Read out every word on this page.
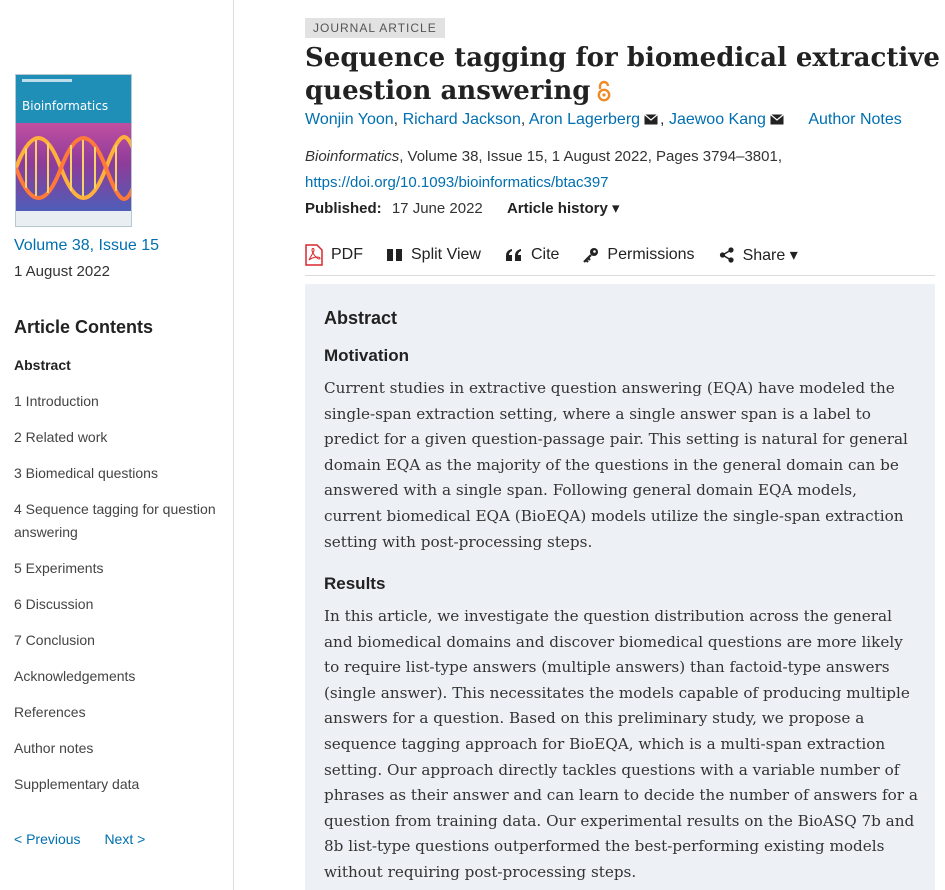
Bioinformatics
Volume 38, Issue 15
1 August 2022
Article Contents
Abstract
1 Introduction
2 Related work
3 Biomedical questions
4 Sequence tagging for question answering
5 Experiments
6 Discussion
7 Conclusion
Acknowledgements
References
Author notes
Supplementary data
< Previous Next >
JOURNAL ARTICLE
Sequence tagging for biomedical extractive question answering
Wonjin Yoon, Richard Jackson, Aron Lagerberg , Jaewoo Kang	Author Notes
Bioinformatics, Volume 38, Issue 15, 1 August 2022, Pages 3794–3801,
https://doi.org/10.1093/bioinformatics/btac397
Published: 17 June 2022 Article history ▾
PDF	Split View	Cite	Permissions	Share ▾
Abstract
Motivation

Current studies in extractive question answering (EQA) have modeled the single-span extraction setting, where a single answer span is a label to predict for a given question-passage pair. This setting is natural for general domain EQA as the majority of the questions in the general domain can be answered with a single span. Following general domain EQA models, current biomedical EQA (BioEQA) models utilize the single-span extraction setting with post-processing steps.

Results

In this article, we investigate the question distribution across the general and biomedical domains and discover biomedical questions are more likely to require list-type answers (multiple answers) than factoid-type answers (single answer). This necessitates the models capable of producing multiple answers for a question. Based on this preliminary study, we propose a sequence tagging approach for BioEQA, which is a multi-span extraction setting. Our approach directly tackles questions with a variable number of phrases as their answer and can learn to decide the number of answers for a question from training data. Our experimental results on the BioASQ 7b and 8b list-type questions outperformed the best-performing existing models without requiring post-processing steps.
